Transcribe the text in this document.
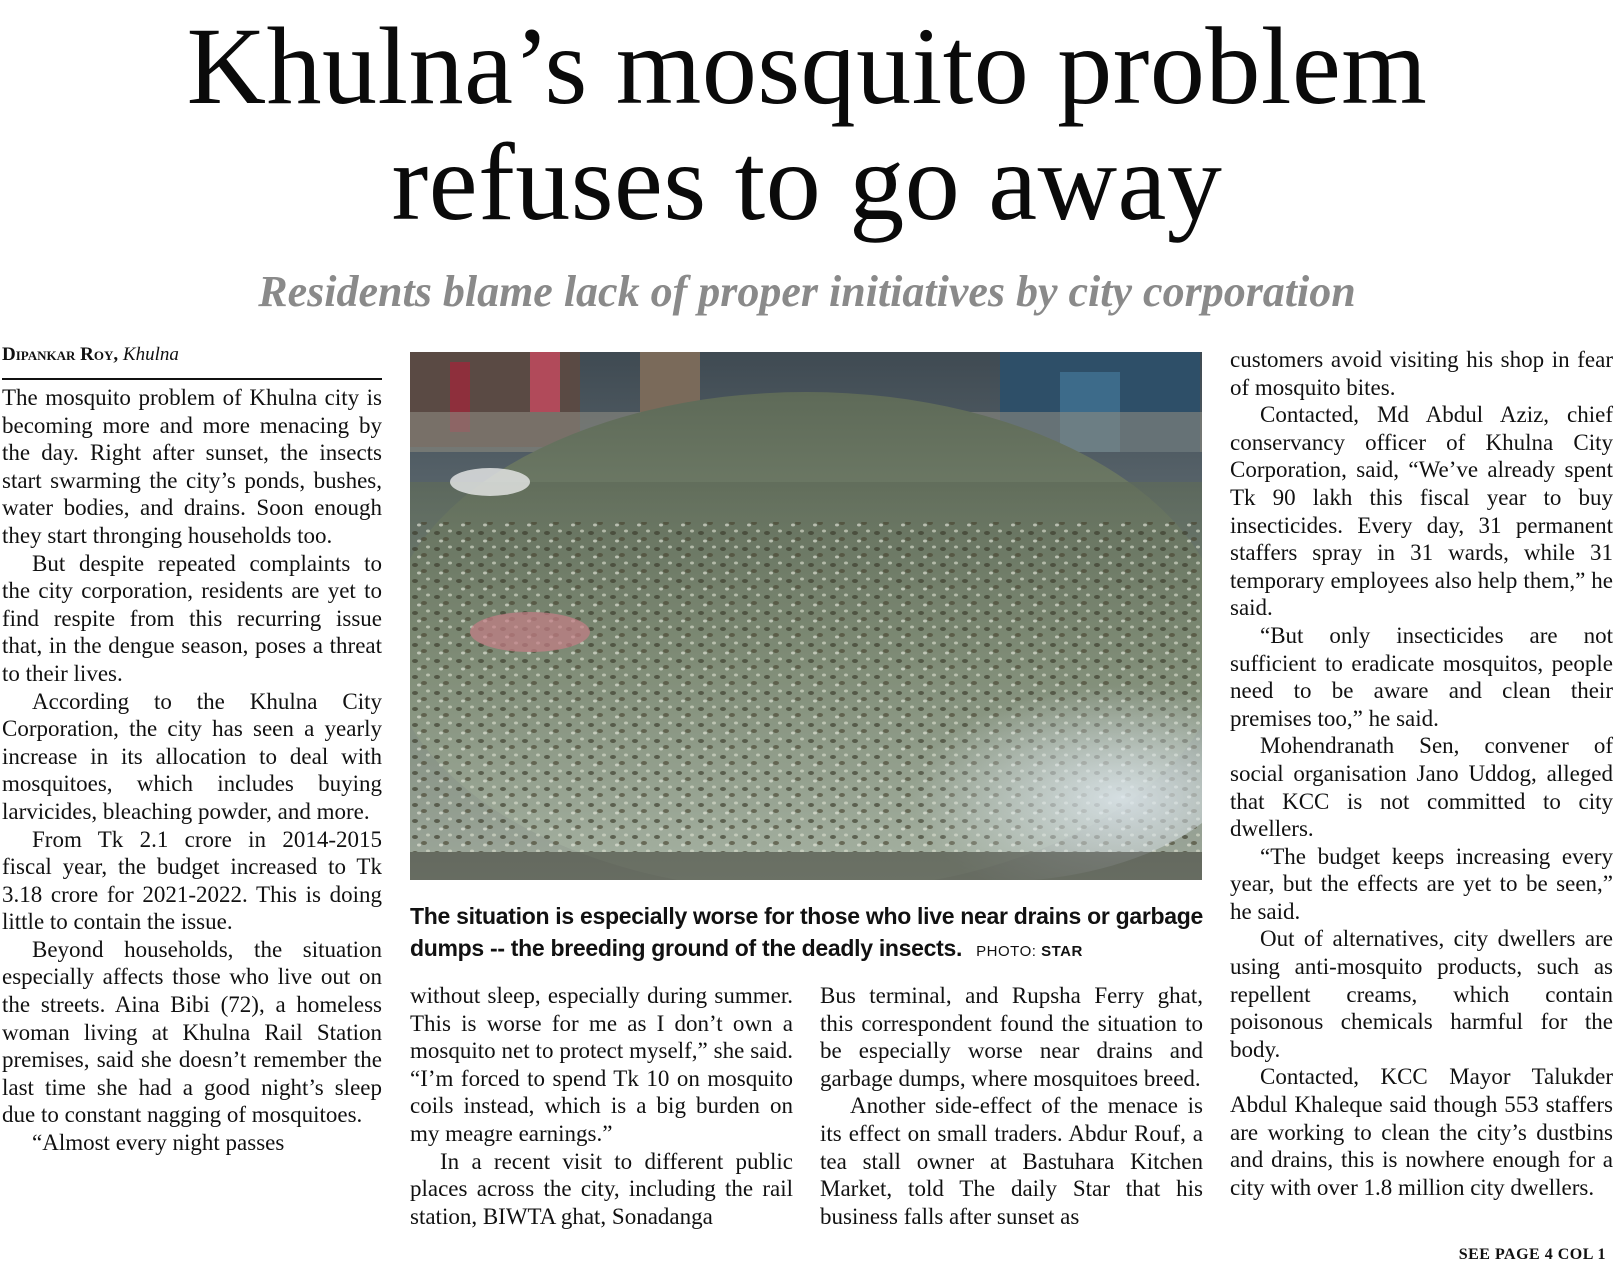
Khulna’s mosquito problem
refuses to go away
Residents blame lack of proper initiatives by city corporation
Dipankar Roy, Khulna

The mosquito problem of Khulna city is becoming more and more menacing by the day. Right after sunset, the insects start swarming the city’s ponds, bushes, water bodies, and drains. Soon enough they start thronging households too.

But despite repeated complaints to the city corporation, residents are yet to find respite from this recurring issue that, in the dengue season, poses a threat to their lives.

According to the Khulna City Corporation, the city has seen a yearly increase in its allocation to deal with mosquitoes, which includes buying larvicides, bleaching powder, and more.

From Tk 2.1 crore in 2014-2015 fiscal year, the budget increased to Tk 3.18 crore for 2021-2022. This is doing little to contain the issue.

Beyond households, the situation especially affects those who live out on the streets. Aina Bibi (72), a homeless woman living at Khulna Rail Station premises, said she doesn’t remember the last time she had a good night’s sleep due to constant nagging of mosquitoes.

“Almost every night passes

The situation is especially worse for those who live near drains or garbage dumps -- the breeding ground of the deadly insects. PHOTO: STAR

without sleep, especially during summer. This is worse for me as I don’t own a mosquito net to protect myself,” she said. “I’m forced to spend Tk 10 on mosquito coils instead, which is a big burden on my meagre earnings.”

In a recent visit to different public places across the city, including the rail station, BIWTA ghat, Sonadanga

Bus terminal, and Rupsha Ferry ghat, this correspondent found the situation to be especially worse near drains and garbage dumps, where mosquitoes breed.

Another side-effect of the menace is its effect on small traders. Abdur Rouf, a tea stall owner at Bastuhara Kitchen Market, told The daily Star that his business falls after sunset as

customers avoid visiting his shop in fear of mosquito bites.

Contacted, Md Abdul Aziz, chief conservancy officer of Khulna City Corporation, said, “We’ve already spent Tk 90 lakh this fiscal year to buy insecticides. Every day, 31 permanent staffers spray in 31 wards, while 31 temporary employees also help them,” he said.

“But only insecticides are not sufficient to eradicate mosquitos, people need to be aware and clean their premises too,” he said.

Mohendranath Sen, convener of social organisation Jano Uddog, alleged that KCC is not committed to city dwellers.

“The budget keeps increasing every year, but the effects are yet to be seen,” he said.

Out of alternatives, city dwellers are using anti-mosquito products, such as repellent creams, which contain poisonous chemicals harmful for the body.

Contacted, KCC Mayor Talukder Abdul Khaleque said though 553 staffers are working to clean the city’s dustbins and drains, this is nowhere enough for a city with over 1.8 million city dwellers.

SEE PAGE 4 COL 1
